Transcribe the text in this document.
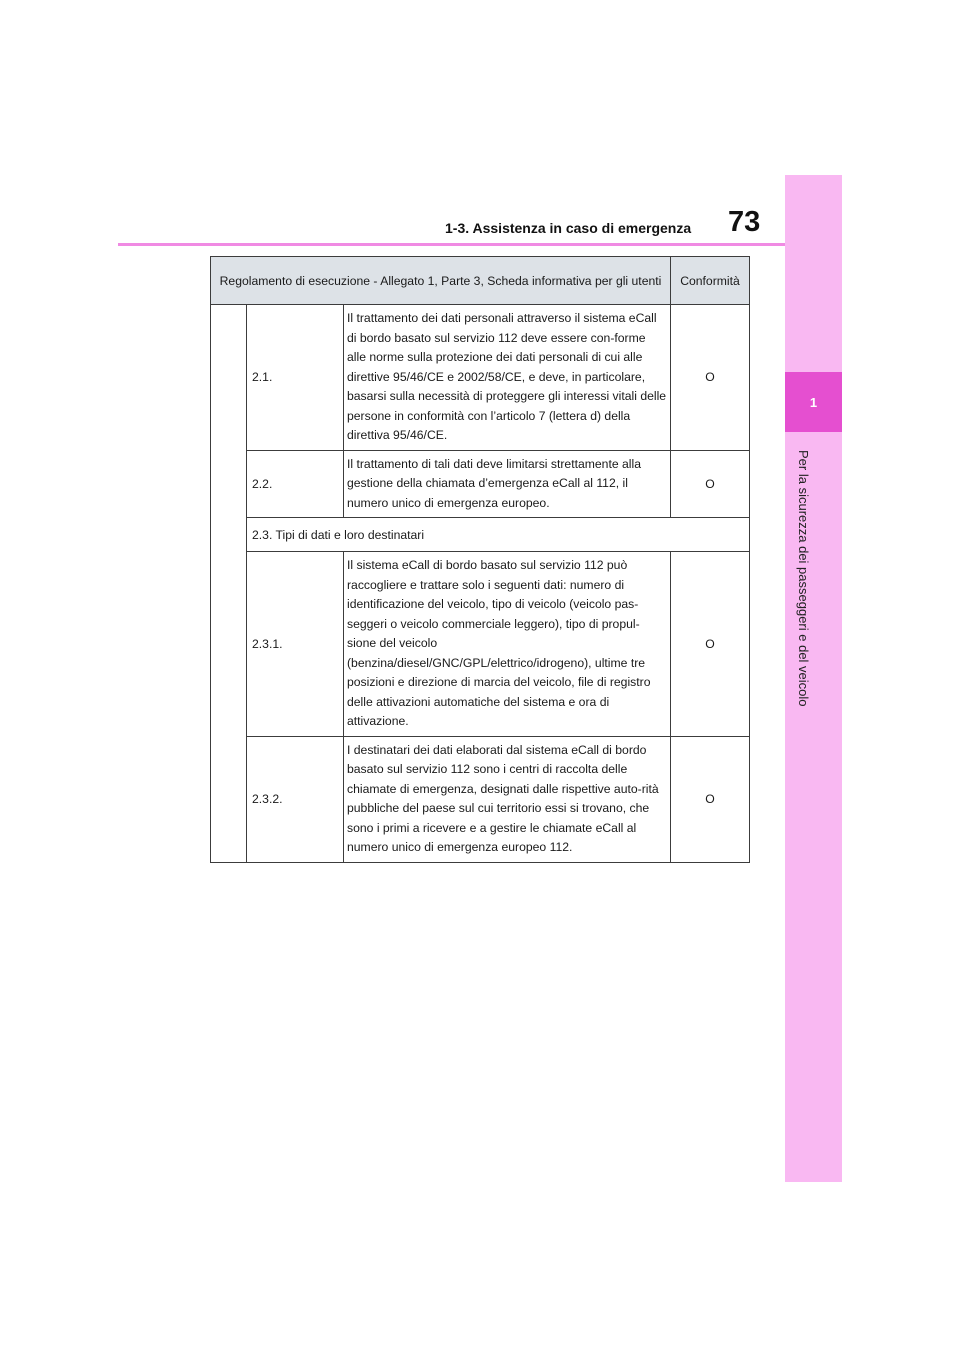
1
Per la sicurezza dei passeggeri e del veicolo
73
1-3. Assistenza in caso di emergenza
Regolamento di esecuzione - Allegato 1, Parte 3, Scheda informativa per gli utenti			Conformità
	2.1.	Il trattamento dei dati personali attraverso il sistema eCall di bordo basato sul servizio 112 deve essere con-forme alle norme sulla protezione dei dati personali di cui alle direttive 95/46/CE e 2002/58/CE, e deve, in particolare, basarsi sulla necessità di proteggere gli interessi vitali delle persone in conformità con l’articolo 7 (lettera d) della direttiva 95/46/CE.	O
	2.2.	Il trattamento di tali dati deve limitarsi strettamente alla gestione della chiamata d’emergenza eCall al 112, il numero unico di emergenza europeo.	O
	2.3. Tipi di dati e loro destinatari		
	2.3.1.	Il sistema eCall di bordo basato sul servizio 112 può raccogliere e trattare solo i seguenti dati: numero di identificazione del veicolo, tipo di veicolo (veicolo pas-seggeri o veicolo commerciale leggero), tipo di propul-sione del veicolo (benzina/diesel/GNC/GPL/elettrico/idrogeno), ultime tre posizioni e direzione di marcia del veicolo, file di registro delle attivazioni automatiche del sistema e ora di attivazione.	O
	2.3.2.	I destinatari dei dati elaborati dal sistema eCall di bordo basato sul servizio 112 sono i centri di raccolta delle chiamate di emergenza, designati dalle rispettive auto-rità pubbliche del paese sul cui territorio essi si trovano, che sono i primi a ricevere e a gestire le chiamate eCall al numero unico di emergenza europeo 112.	O
